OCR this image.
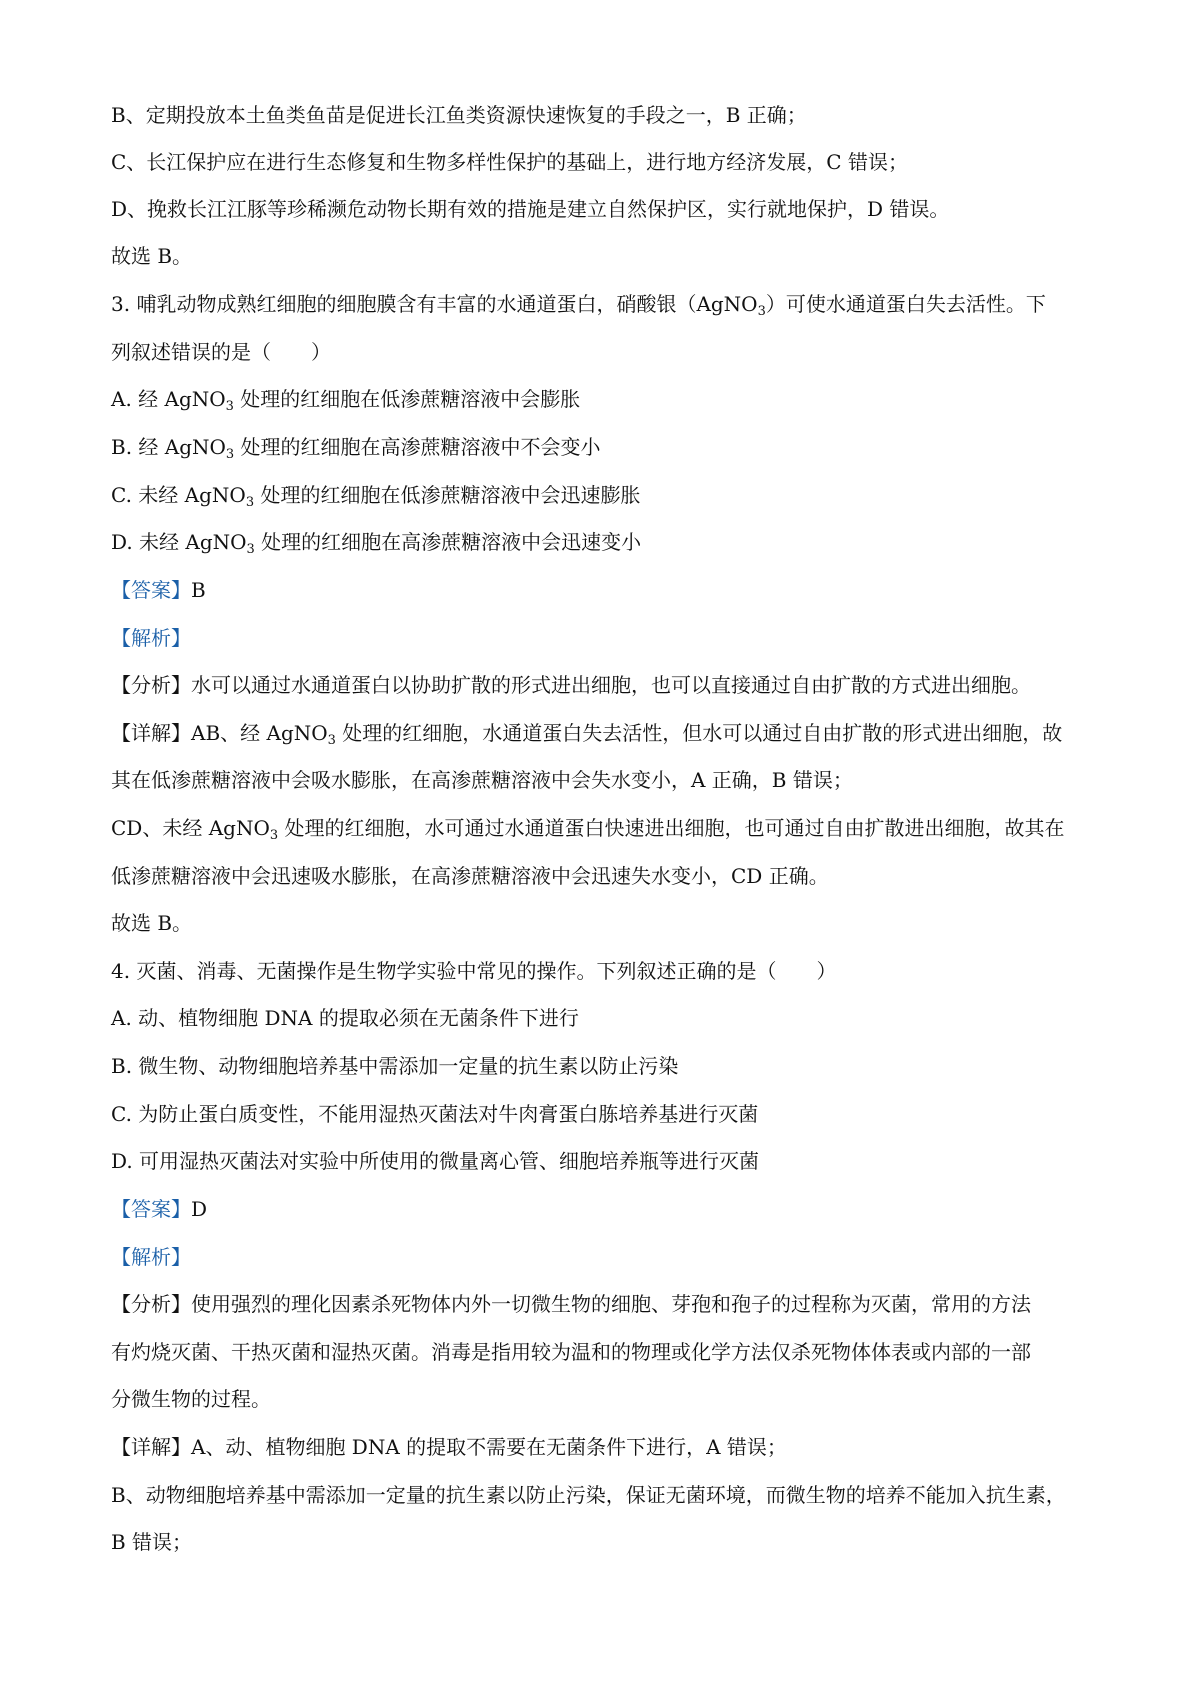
B、定期投放本土鱼类鱼苗是促进长江鱼类资源快速恢复的手段之一，B 正确；
C、长江保护应在进行生态修复和生物多样性保护的基础上，进行地方经济发展，C 错误；
D、挽救长江江豚等珍稀濒危动物长期有效的措施是建立自然保护区，实行就地保护，D 错误。
故选 B。
3. 哺乳动物成熟红细胞的细胞膜含有丰富的水通道蛋白，硝酸银（AgNO$_3$）可使水通道蛋白失去活性。下
列叙述错误的是（　　）
A. 经 AgNO$_3$ 处理的红细胞在低渗蔗糖溶液中会膨胀
B. 经 AgNO$_3$ 处理的红细胞在高渗蔗糖溶液中不会变小
C. 未经 AgNO$_3$ 处理的红细胞在低渗蔗糖溶液中会迅速膨胀
D. 未经 AgNO$_3$ 处理的红细胞在高渗蔗糖溶液中会迅速变小
【答案】B
【解析】
【分析】水可以通过水通道蛋白以协助扩散的形式进出细胞，也可以直接通过自由扩散的方式进出细胞。
【详解】AB、经 AgNO$_3$ 处理的红细胞，水通道蛋白失去活性，但水可以通过自由扩散的形式进出细胞，故
其在低渗蔗糖溶液中会吸水膨胀，在高渗蔗糖溶液中会失水变小，A 正确，B 错误；
CD、未经 AgNO$_3$ 处理的红细胞，水可通过水通道蛋白快速进出细胞，也可通过自由扩散进出细胞，故其在
低渗蔗糖溶液中会迅速吸水膨胀，在高渗蔗糖溶液中会迅速失水变小，CD 正确。
故选 B。
4. 灭菌、消毒、无菌操作是生物学实验中常见的操作。下列叙述正确的是（　　）
A. 动、植物细胞 DNA 的提取必须在无菌条件下进行
B. 微生物、动物细胞培养基中需添加一定量的抗生素以防止污染
C. 为防止蛋白质变性，不能用湿热灭菌法对牛肉膏蛋白胨培养基进行灭菌
D. 可用湿热灭菌法对实验中所使用的微量离心管、细胞培养瓶等进行灭菌
【答案】D
【解析】
【分析】使用强烈的理化因素杀死物体内外一切微生物的细胞、芽孢和孢子的过程称为灭菌，常用的方法
有灼烧灭菌、干热灭菌和湿热灭菌。消毒是指用较为温和的物理或化学方法仅杀死物体体表或内部的一部
分微生物的过程。
【详解】A、动、植物细胞 DNA 的提取不需要在无菌条件下进行，A 错误；
B、动物细胞培养基中需添加一定量的抗生素以防止污染，保证无菌环境，而微生物的培养不能加入抗生素，
B 错误；
